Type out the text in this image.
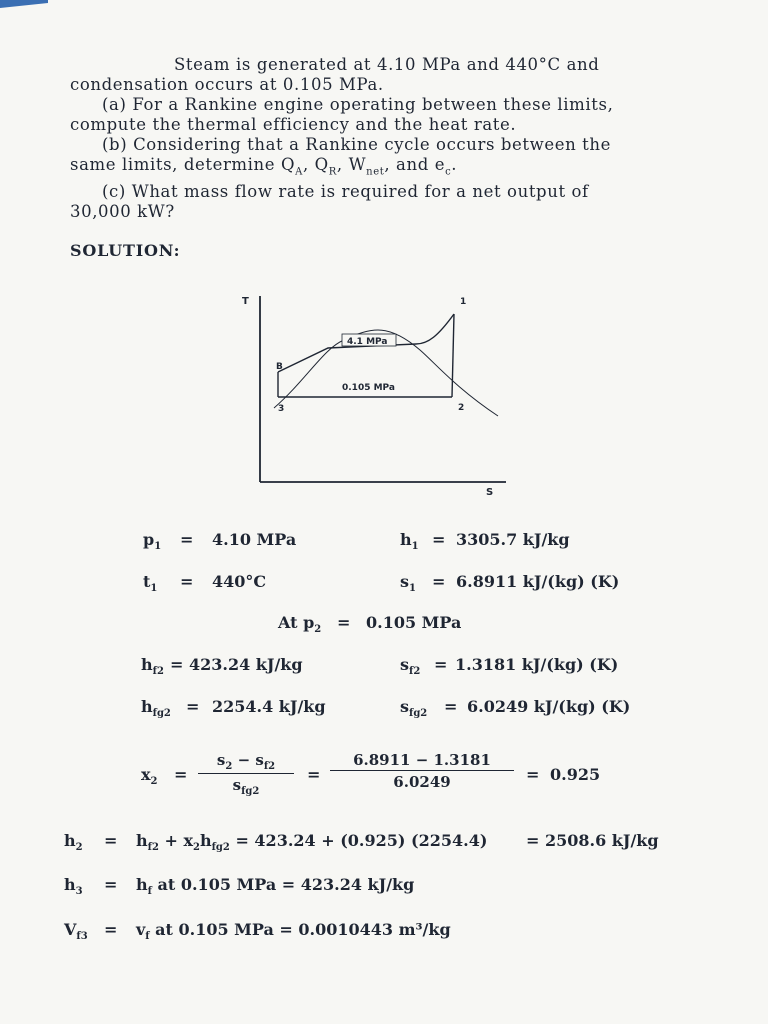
Steam is generated at 4.10 MPa and 440°C and

condensation occurs at 0.105 MPa.

(a) For a Rankine engine operating between these limits,

compute the thermal efficiency and the heat rate.

(b) Considering that a Rankine cycle occurs between the

same limits, determine $Q_A$, $Q_R$, $W_{net}$, and $e_c$.

(c) What mass flow rate is required for a net output of

30,000 kW?

SOLUTION:
T
S
4.1 MPa
0.105 MPa
B
3	2
1
$p_1 = 4.10$ MPa	$h_1 = 3305.7$ kJ/kg
$t_1 = 440^\circ C$	$s_1 = 6.8911$ kJ/(kg) (K)
At $p_2 = 0.105$ MPa
$h_{f2} = 423.24$ kJ/kg	$s_{f2} = 1.3181$ kJ/(kg) (K)
$h_{fg2} = 2254.4$ kJ/kg	$s_{fg2} = 6.0249$ kJ/(kg) (K)
$x_2$ =
$s_2 - s_{f2}$
$s_{fg2}$
= $\frac{6.8911 - 1.3181}{6.0249} = 0.925$
$h_2 = h_{f2} + x_2h_{fg2} = 423.24 + (0.925) (2254.4) = 2508.6$ kJ/kg
$h_3 = h_f$ at 0.105 MPa = 423.24 kJ/kg
$V_{f3} = v_f$ at 0.105 MPa = 0.0010443 m³/kg
